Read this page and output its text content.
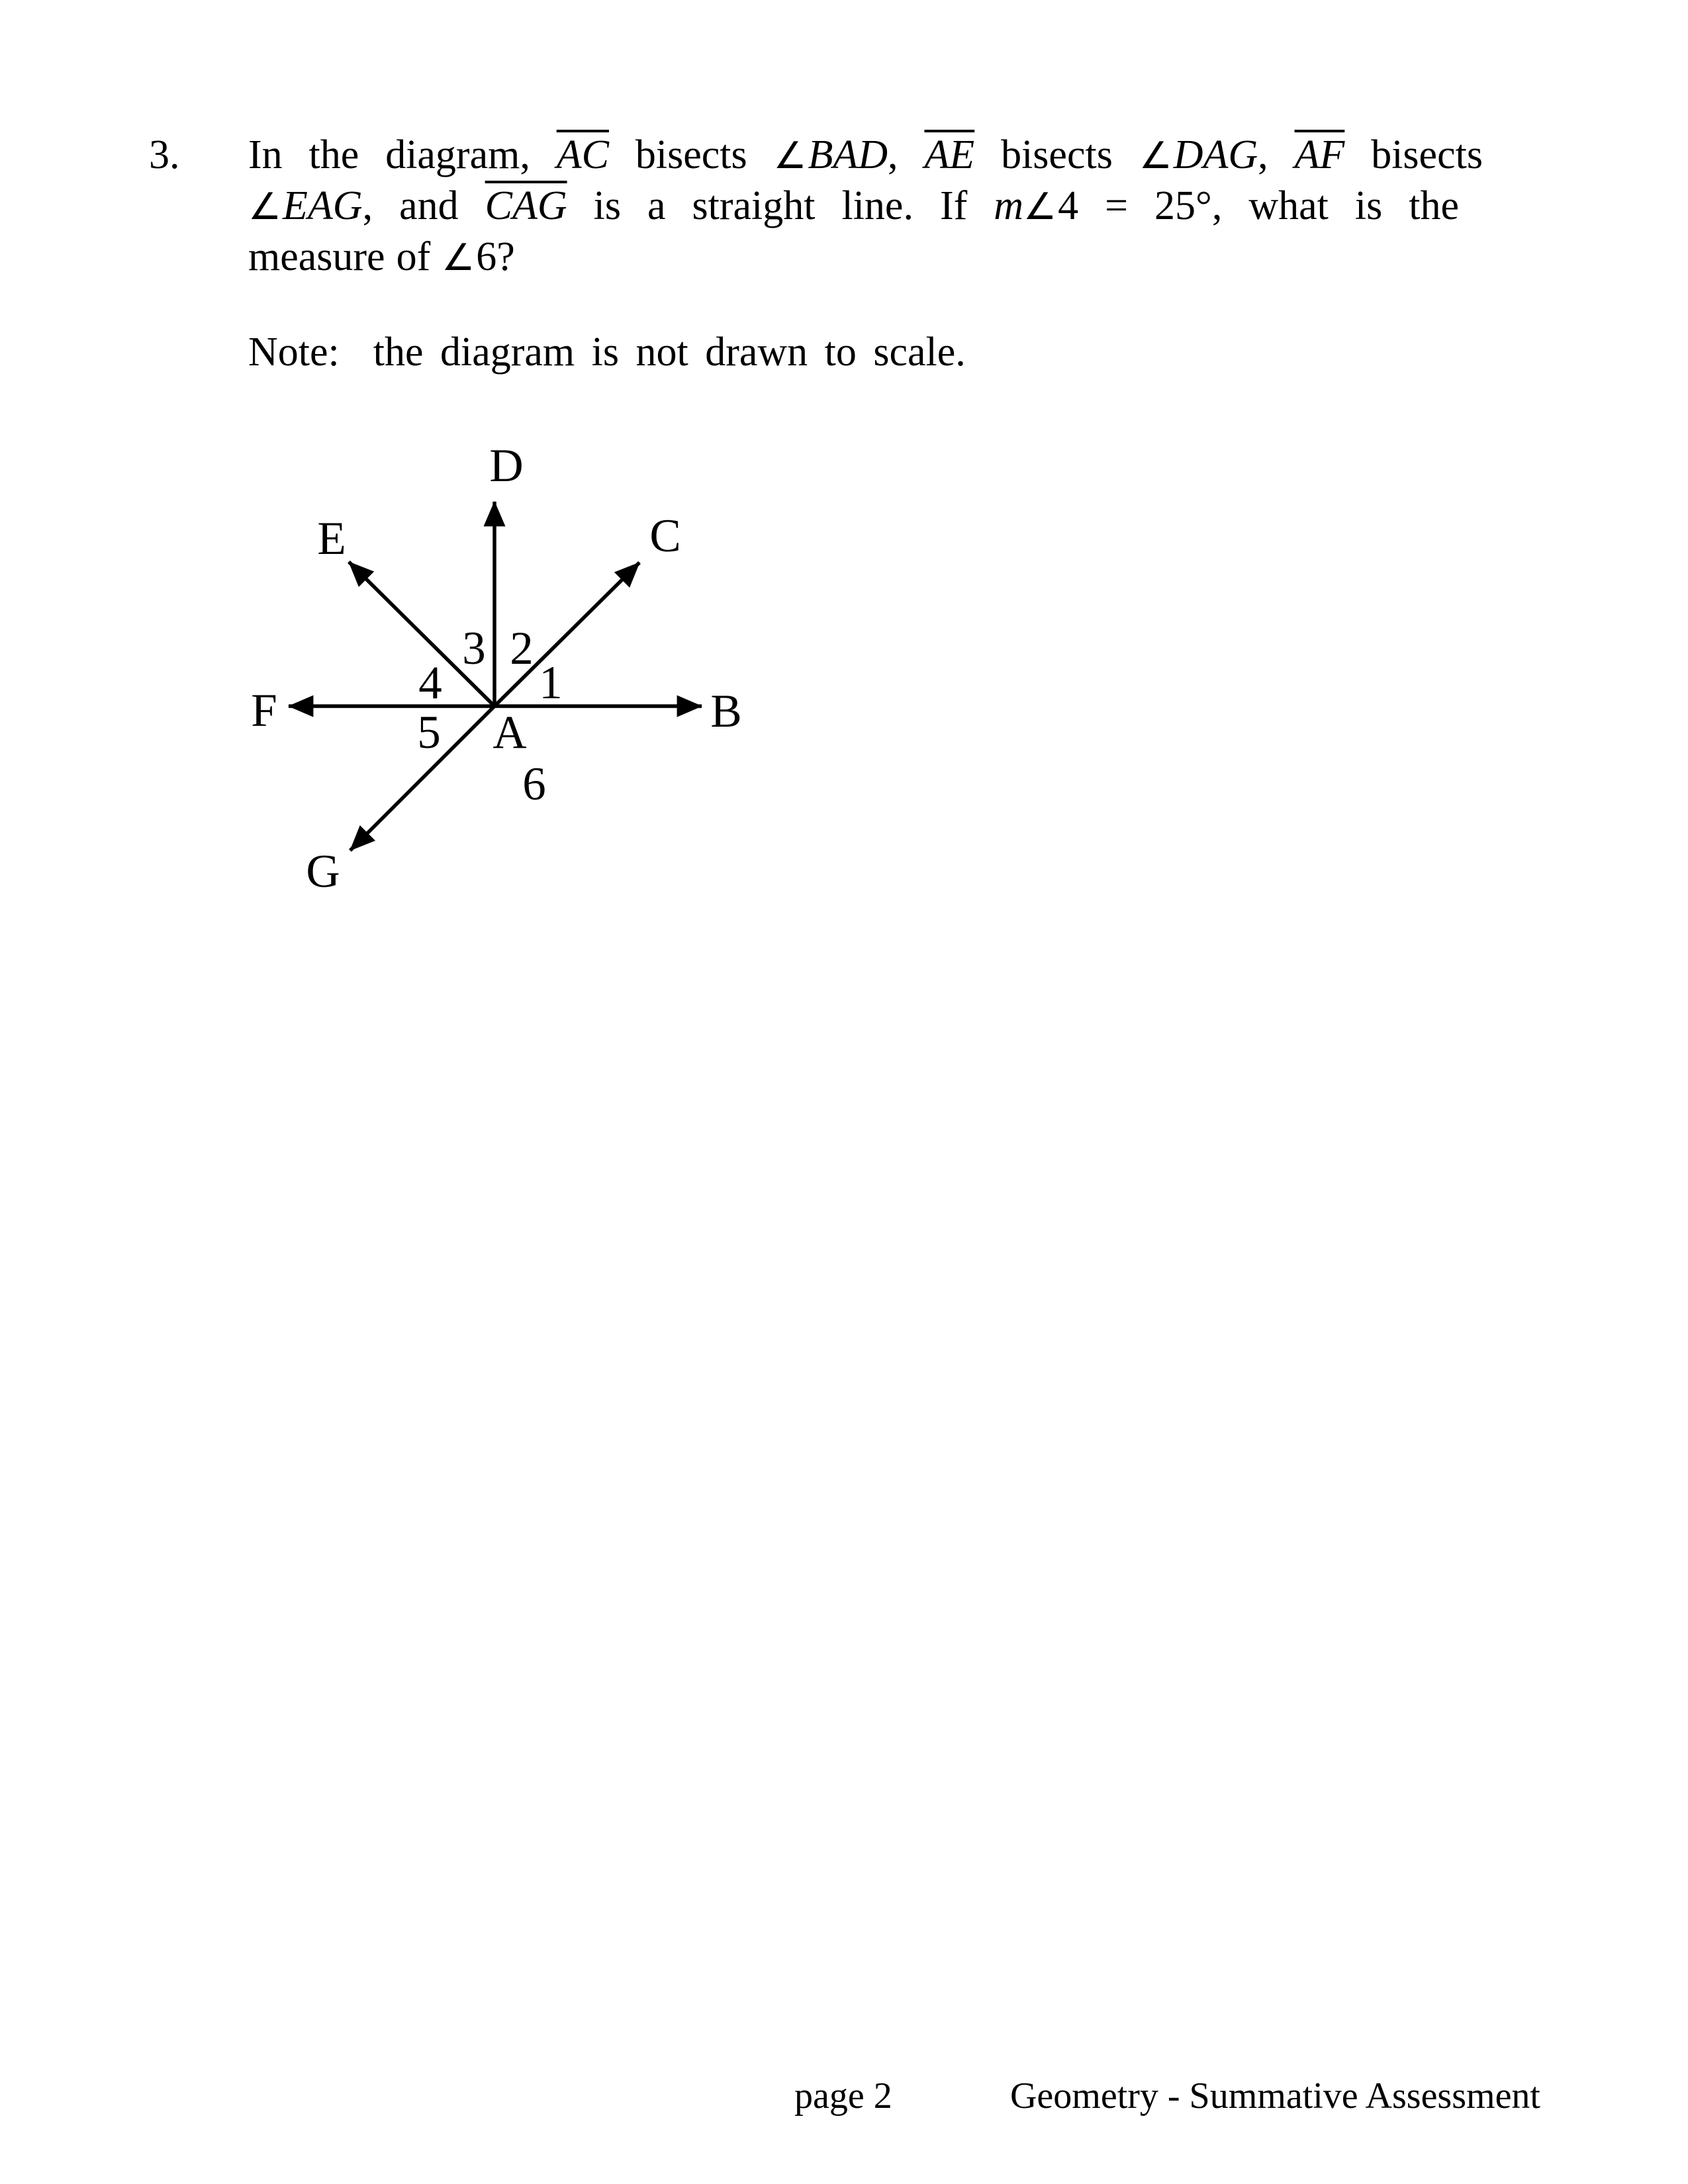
3. In the diagram, $\overline{AC}$ bisects ∠BAD, $\overline{AE}$ bisects ∠DAG, $\overline{AF}$ bisects
∠EAG, and $\overline{CAG}$ is a straight line. If m∠4 = 25°, what is the
measure of ∠6?
Note:  the diagram is not drawn to scale.
D
E	C
F	B
G
A
1
2
3
4
5
6
page 2	Geometry - Summative Assessment
